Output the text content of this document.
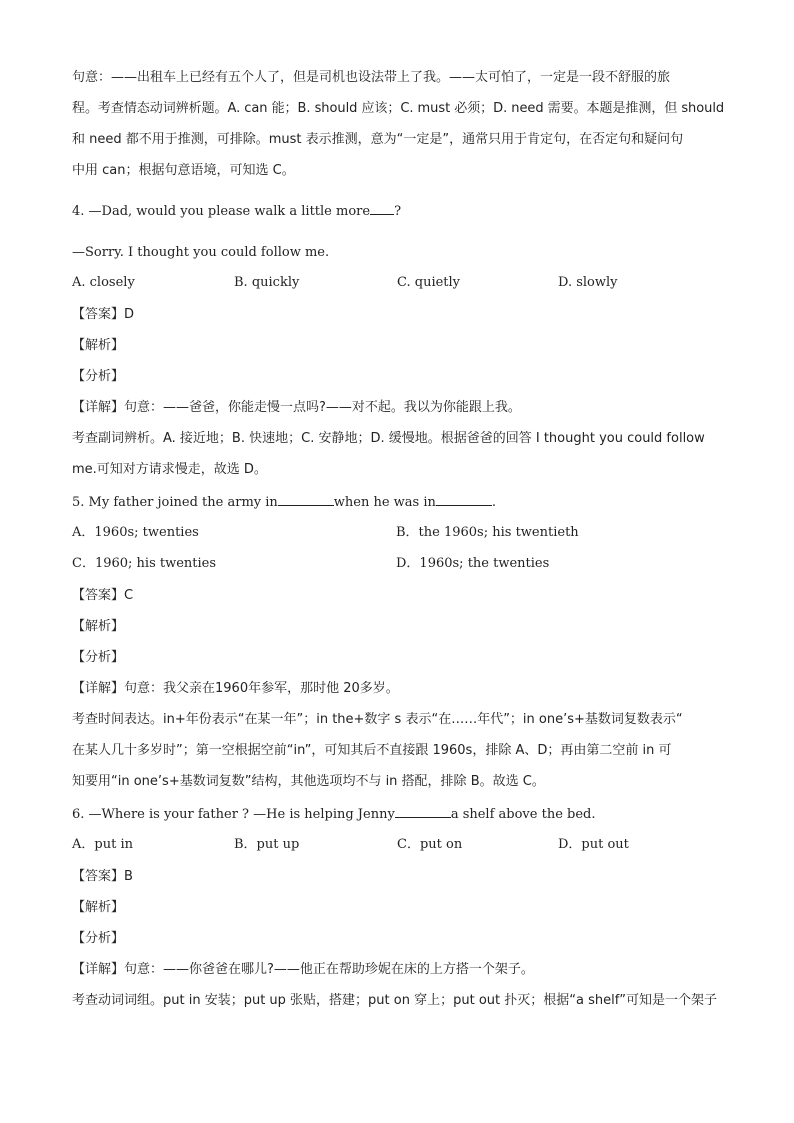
句意：——出租车上已经有五个人了，但是司机也设法带上了我。——太可怕了，一定是一段不舒服的旅
程。考查情态动词辨析题。A. can 能；B. should 应该；C. must 必须；D. need 需要。本题是推测，但 should
和 need 都不用于推测，可排除。must 表示推测，意为“一定是”，通常只用于肯定句，在否定句和疑问句
中用 can；根据句意语境，可知选 C。
4. —Dad, would you please walk a little more ?
—Sorry. I thought you could follow me.
A. closely	B. quickly	C. quietly	D. slowly
【答案】D
【解析】
【分析】
【详解】句意：——爸爸，你能走慢一点吗?——对不起。我以为你能跟上我。
考查副词辨析。A. 接近地；B. 快速地；C. 安静地；D. 缓慢地。根据爸爸的回答 I thought you could follow
me.可知对方请求慢走，故选 D。
5. My father joined the army in	when he was in	.
A．1960s; twenties	B．the 1960s; his twentieth
C．1960; his twenties	D．1960s; the twenties
【答案】C
【解析】
【分析】
【详解】句意：我父亲在1960年参军，那时他 20多岁。
考查时间表达。in+年份表示“在某一年”；in the+数字 s 表示“在……年代”；in one’s+基数词复数表示“
在某人几十多岁时”；第一空根据空前“in”，可知其后不直接跟 1960s，排除 A、D；再由第二空前 in 可
知要用“in one’s+基数词复数”结构，其他选项均不与 in 搭配，排除 B。故选 C。
6. —Where is your father ? —He is helping Jenny	a shelf above the bed.
A．put in	B．put up	C．put on	D．put out
【答案】B
【解析】
【分析】
【详解】句意：——你爸爸在哪儿?——他正在帮助珍妮在床的上方搭一个架子。
考查动词词组。put in 安装；put up 张贴，搭建；put on 穿上；put out 扑灭；根据“a shelf”可知是一个架子
